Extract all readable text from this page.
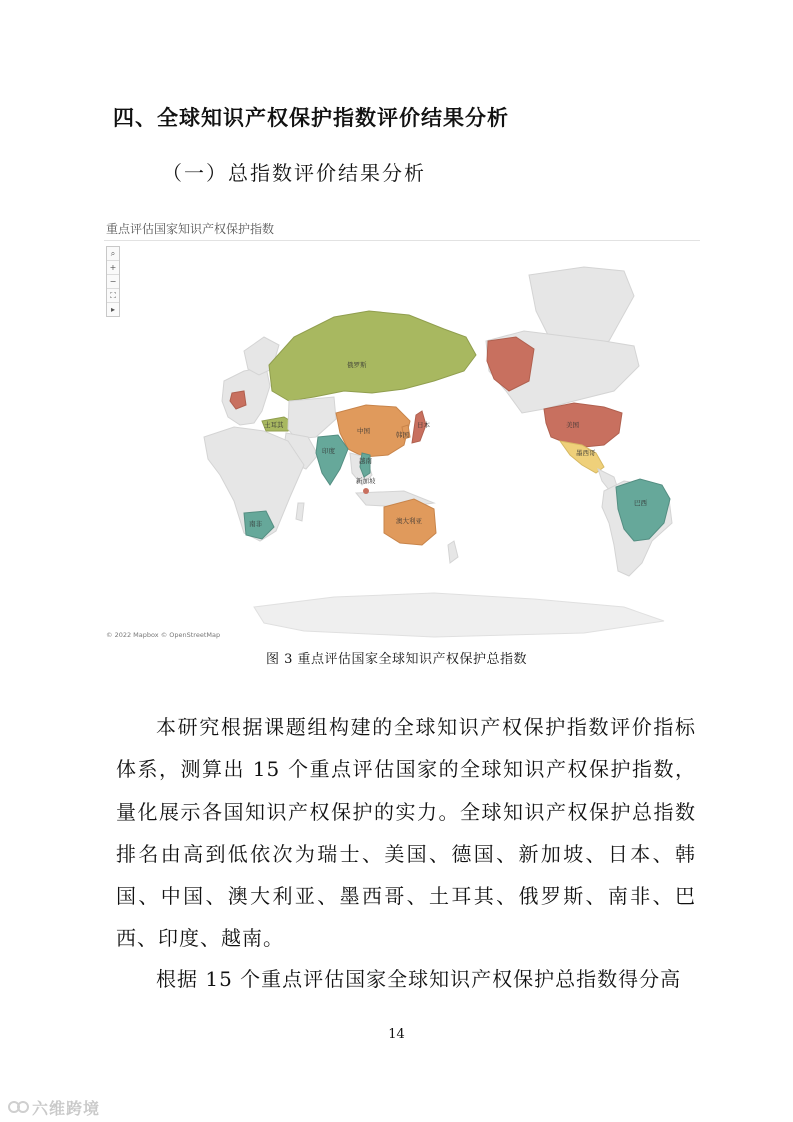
四、全球知识产权保护指数评价结果分析
（一）总指数评价结果分析
重点评估国家知识产权保护指数
俄罗斯
土耳其
中国
日本
韩国
印度
越南
新加坡
澳大利亚
南非
美国
墨西哥
巴西
© 2022 Mapbox © OpenStreetMap
⌕
+
−
⛶
▸
图 3 重点评估国家全球知识产权保护总指数

本研究根据课题组构建的全球知识产权保护指数评价指标体系，测算出 15 个重点评估国家的全球知识产权保护指数，量化展示各国知识产权保护的实力。全球知识产权保护总指数排名由高到低依次为瑞士、美国、德国、新加坡、日本、韩国、中国、澳大利亚、墨西哥、土耳其、俄罗斯、南非、巴西、印度、越南。

根据 15 个重点评估国家全球知识产权保护总指数得分高

14
六维跨境
